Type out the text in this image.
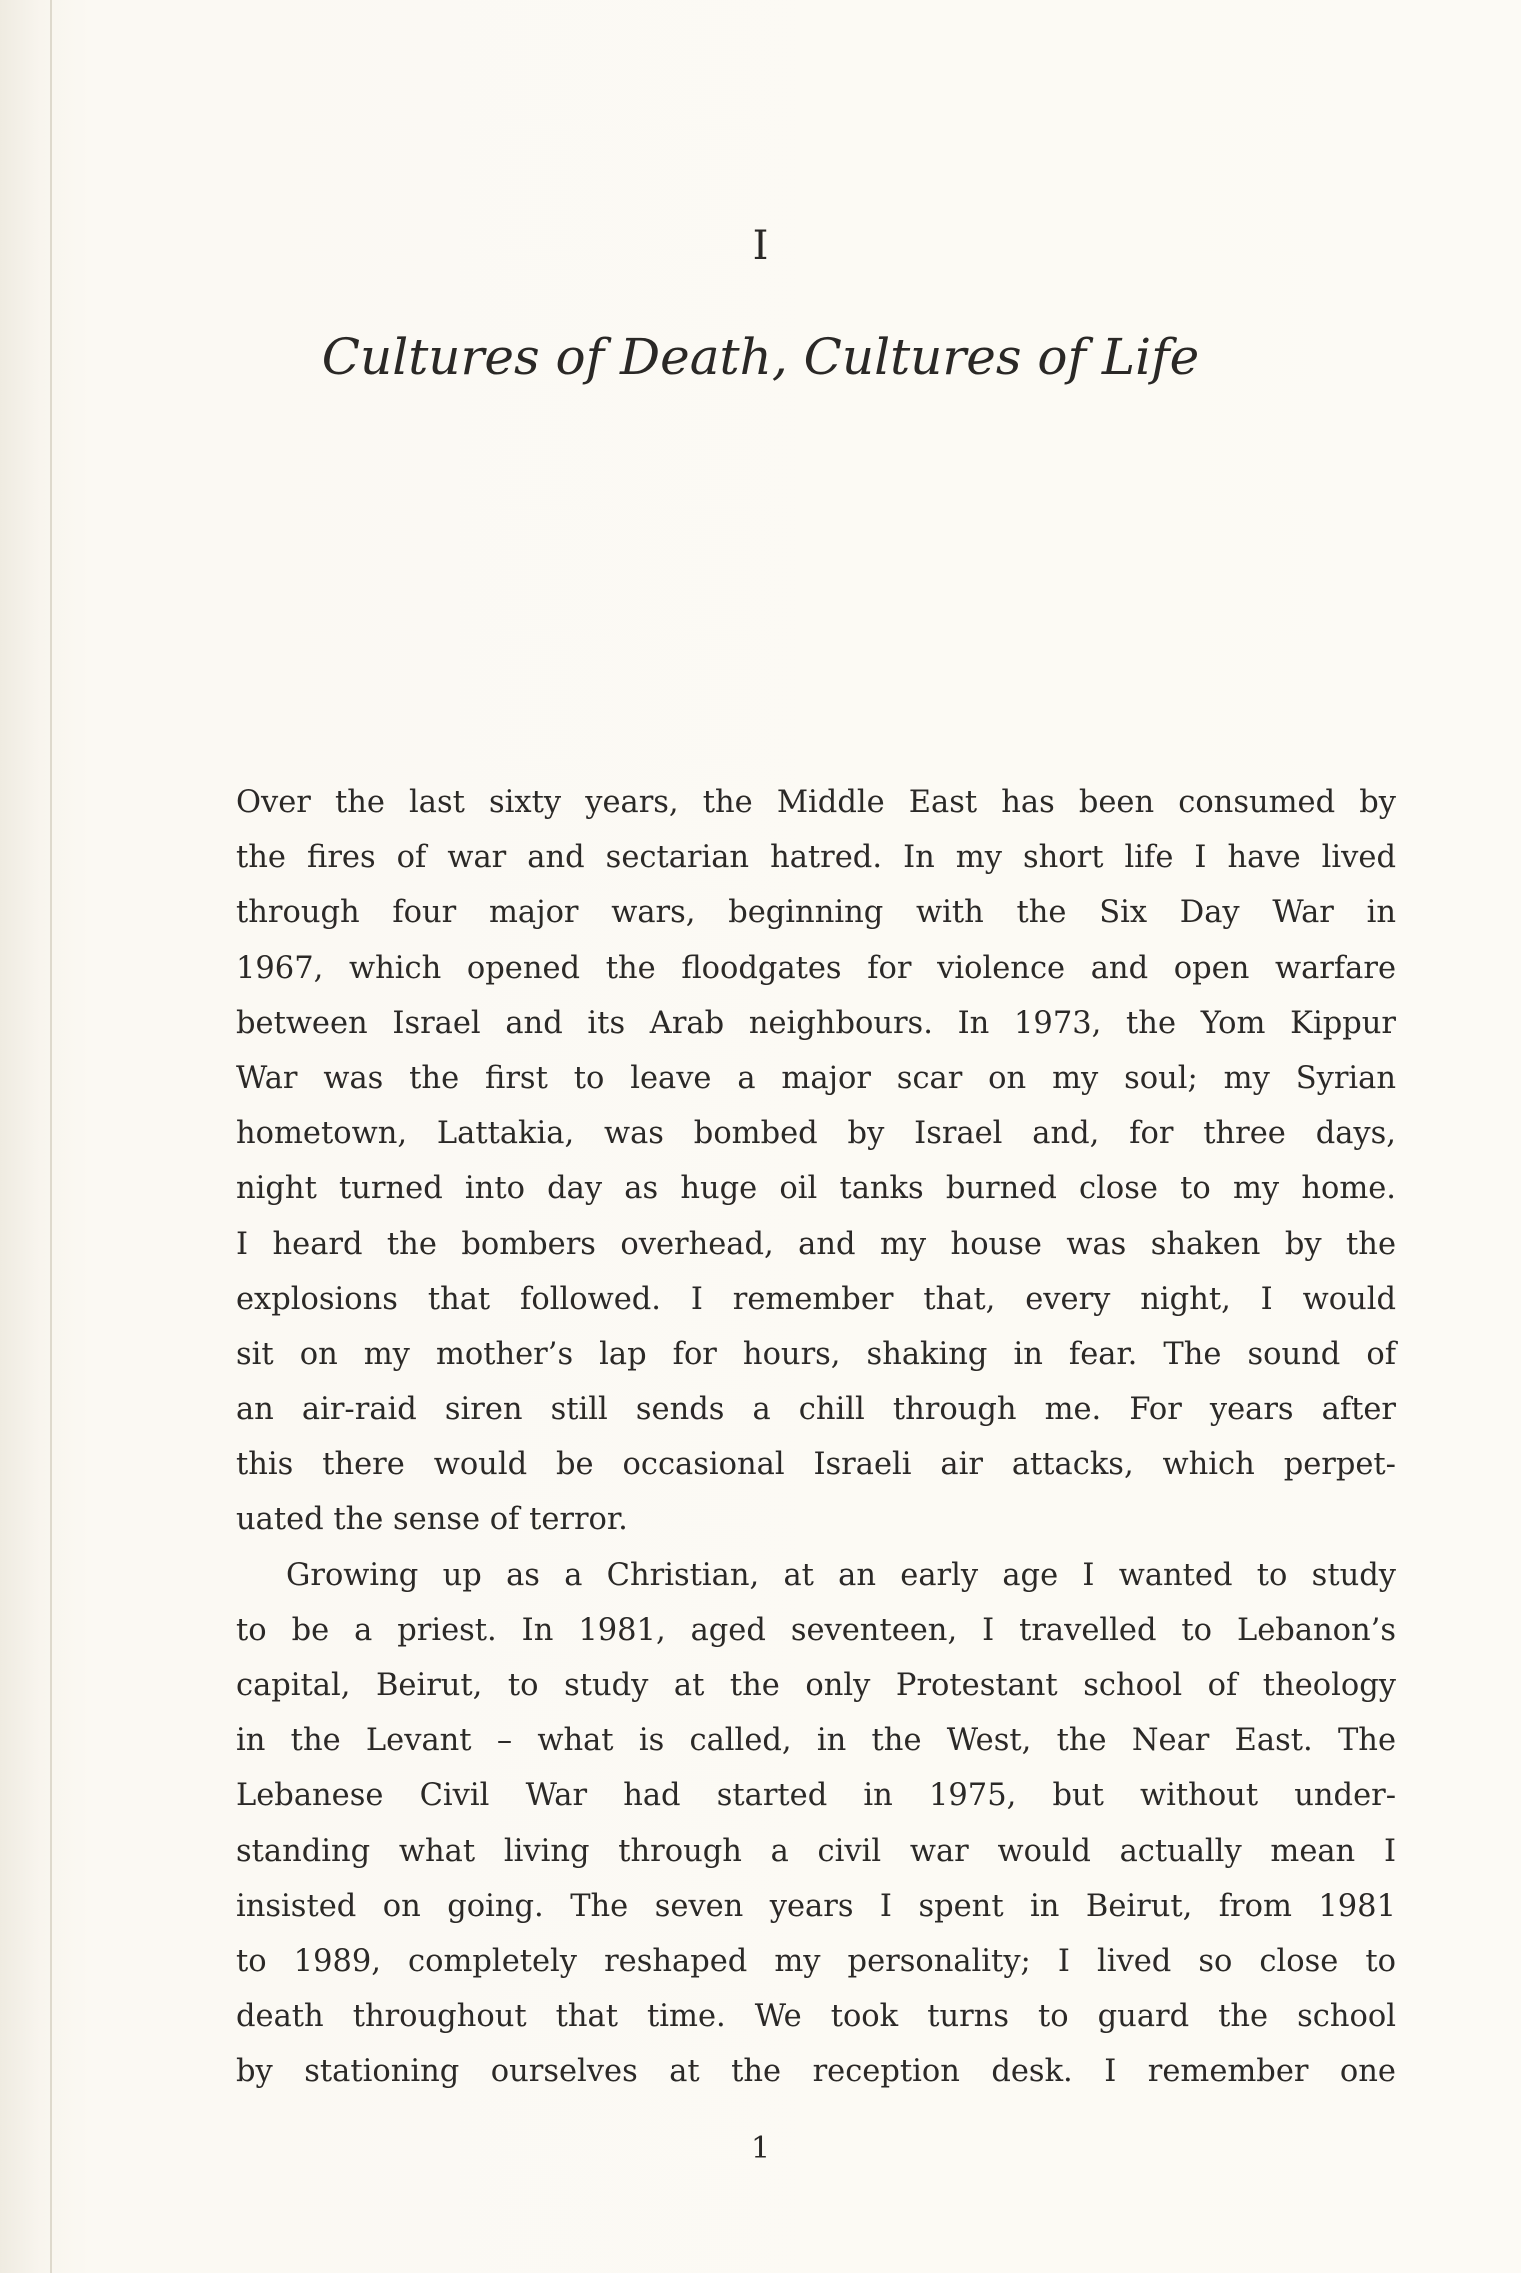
I
Cultures of Death, Cultures of Life
Over the last sixty years, the Middle East has been consumed by
the fires of war and sectarian hatred. In my short life I have lived
through four major wars, beginning with the Six Day War in
1967, which opened the floodgates for violence and open warfare
between Israel and its Arab neighbours. In 1973, the Yom Kippur
War was the first to leave a major scar on my soul; my Syrian
hometown, Lattakia, was bombed by Israel and, for three days,
night turned into day as huge oil tanks burned close to my home.
I heard the bombers overhead, and my house was shaken by the
explosions that followed. I remember that, every night, I would
sit on my mother’s lap for hours, shaking in fear. The sound of
an air-raid siren still sends a chill through me. For years after
this there would be occasional Israeli air attacks, which perpet-
uated the sense of terror.
Growing up as a Christian, at an early age I wanted to study
to be a priest. In 1981, aged seventeen, I travelled to Lebanon’s
capital, Beirut, to study at the only Protestant school of theology
in the Levant – what is called, in the West, the Near East. The
Lebanese Civil War had started in 1975, but without under-
standing what living through a civil war would actually mean I
insisted on going. The seven years I spent in Beirut, from 1981
to 1989, completely reshaped my personality; I lived so close to
death throughout that time. We took turns to guard the school
by stationing ourselves at the reception desk. I remember one
1
